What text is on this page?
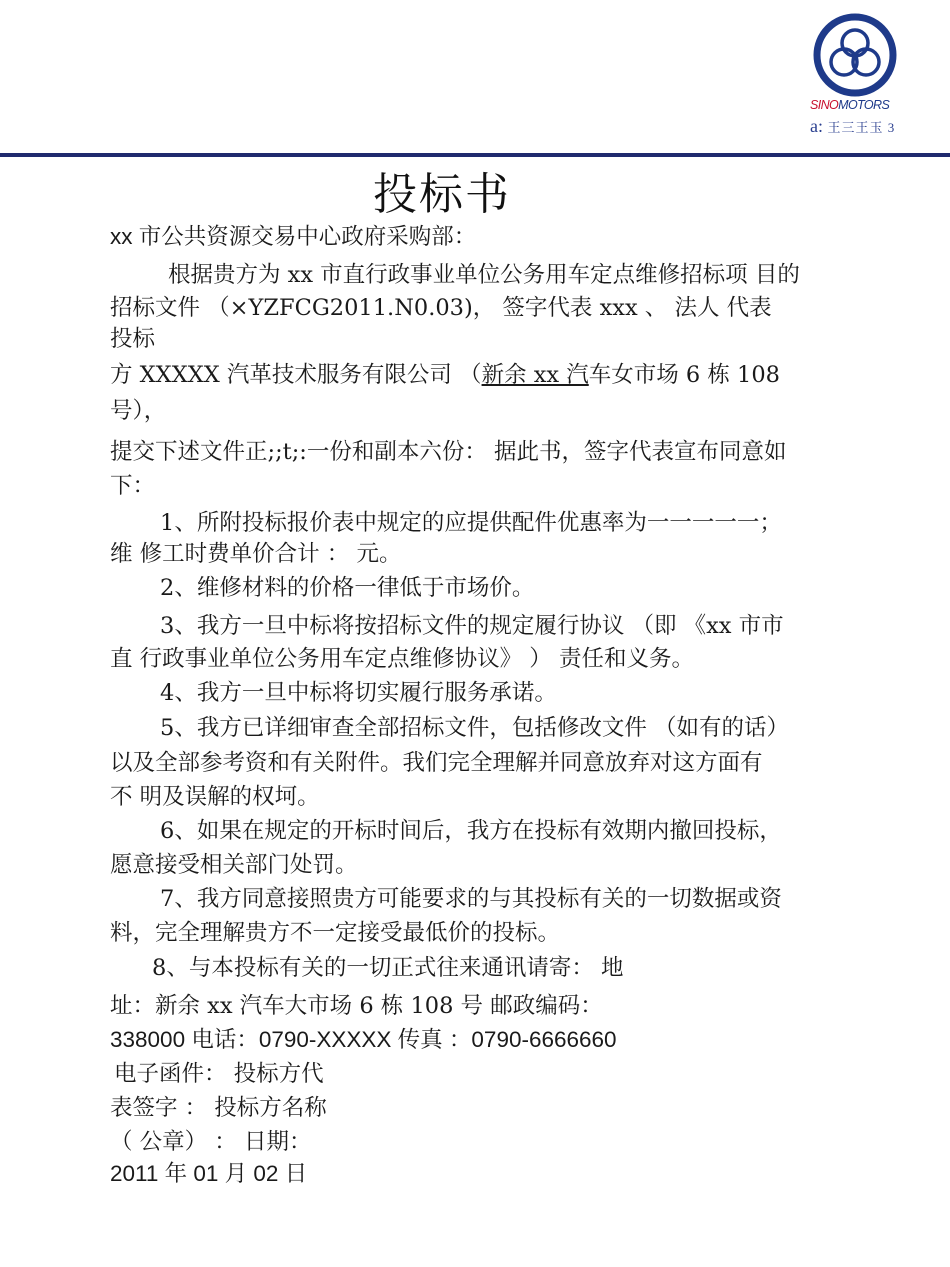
SINOMOTORS
a: 王三王玉 3
投标书
xx 市公共资源交易中心政府采购部：
根据贵方为 xx 市直行政事业单位公务用车定点维修招标项 目的
招标文件 （×YZFCG2011.N0.03)， 签字代表 xxx 、 法人 代表
投标
方 XXXXX 汽革技术服务有限公司 （新余 xx 汽车女市场 6 栋 108
号），
提交下述文件正;;t;:一份和副本六份： 据此书，签字代表宣布同意如
下：
1、所附投标报价表中规定的应提供配件优惠率为一一一一一；
维 修工时费单价合计 ： 元。
2、维修材料的价格一律低于市场价。
3、我方一旦中标将按招标文件的规定履行协议 （即 《xx 市市
直 行政事业单位公务用车定点维修协议》 ） 责任和义务。
4、我方一旦中标将切实履行服务承诺。
5、我方已详细审查全部招标文件，包括修改文件 （如有的话）
以及全部参考资和有关附件。我们完全理解并同意放弃对这方面有
不 明及误解的权坷。
6、如果在规定的开标时间后，我方在投标有效期内撤回投标，
愿意接受相关部门处罚。
7、我方同意接照贵方可能要求的与其投标有关的一切数据或资
料，完全理解贵方不一定接受最低价的投标。
8、与本投标有关的一切正式往来通讯请寄： 地
址：新余 xx 汽车大市场 6 栋 108 号 邮政编码：
338000 电话：0790-XXXXX 传真 ：0790-6666660
电子函件： 投标方代
表签字 ： 投标方名称
（ 公章） ： 日期：
2011 年 01 月 02 日
